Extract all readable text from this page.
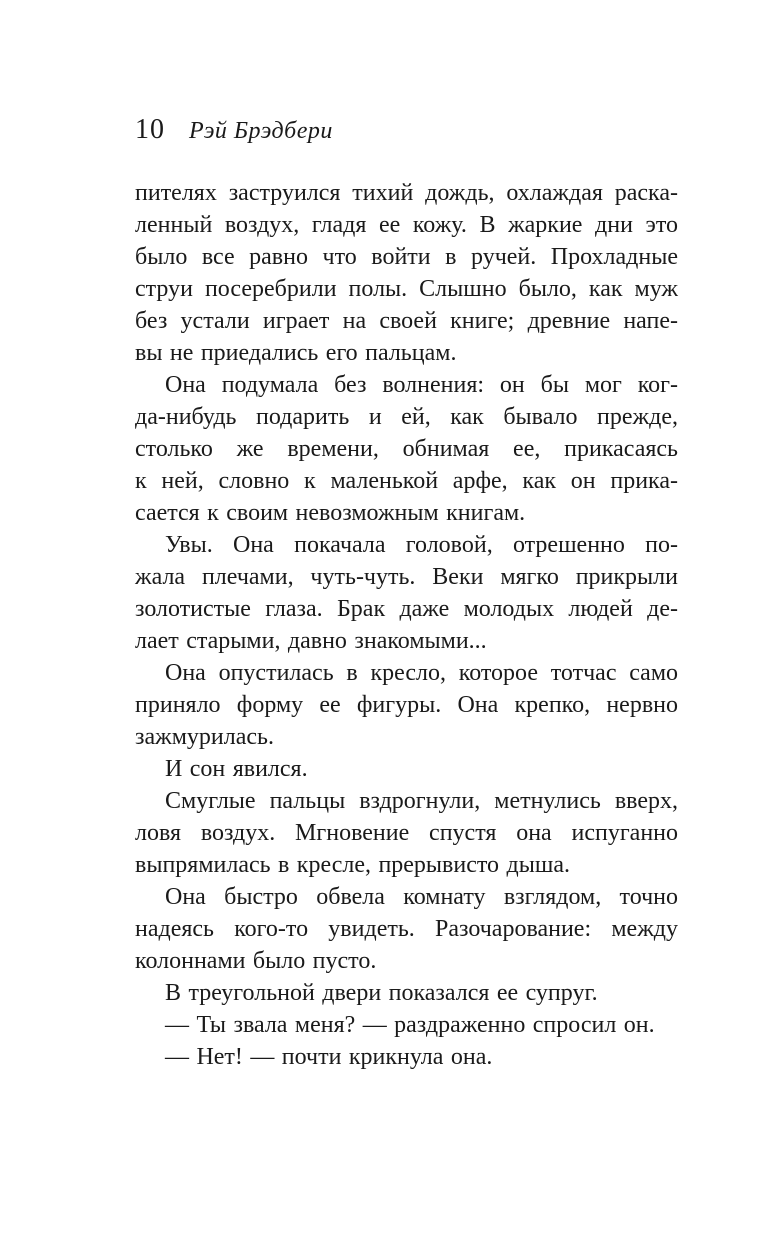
10 Рэй Брэдбери
пителях заструился тихий дождь, охлаждая раска-
ленный воздух, гладя ее кожу. В жаркие дни это
было все равно что войти в ручей. Прохладные
струи посеребрили полы. Слышно было, как муж
без устали играет на своей книге; древние напе-
вы не приедались его пальцам.
Она подумала без волнения: он бы мог ког-
да-нибудь подарить и ей, как бывало прежде,
столько же времени, обнимая ее, прикасаясь
к ней, словно к маленькой арфе, как он прика-
сается к своим невозможным книгам.
Увы. Она покачала головой, отрешенно по-
жала плечами, чуть-чуть. Веки мягко прикрыли
золотистые глаза. Брак даже молодых людей де-
лает старыми, давно знакомыми...
Она опустилась в кресло, которое тотчас само
приняло форму ее фигуры. Она крепко, нервно
зажмурилась.
И сон явился.
Смуглые пальцы вздрогнули, метнулись вверх,
ловя воздух. Мгновение спустя она испуганно
выпрямилась в кресле, прерывисто дыша.
Она быстро обвела комнату взглядом, точно
надеясь кого-то увидеть. Разочарование: между
колоннами было пусто.
В треугольной двери показался ее супруг.
— Ты звала меня? — раздраженно спросил он.
— Нет! — почти крикнула она.
